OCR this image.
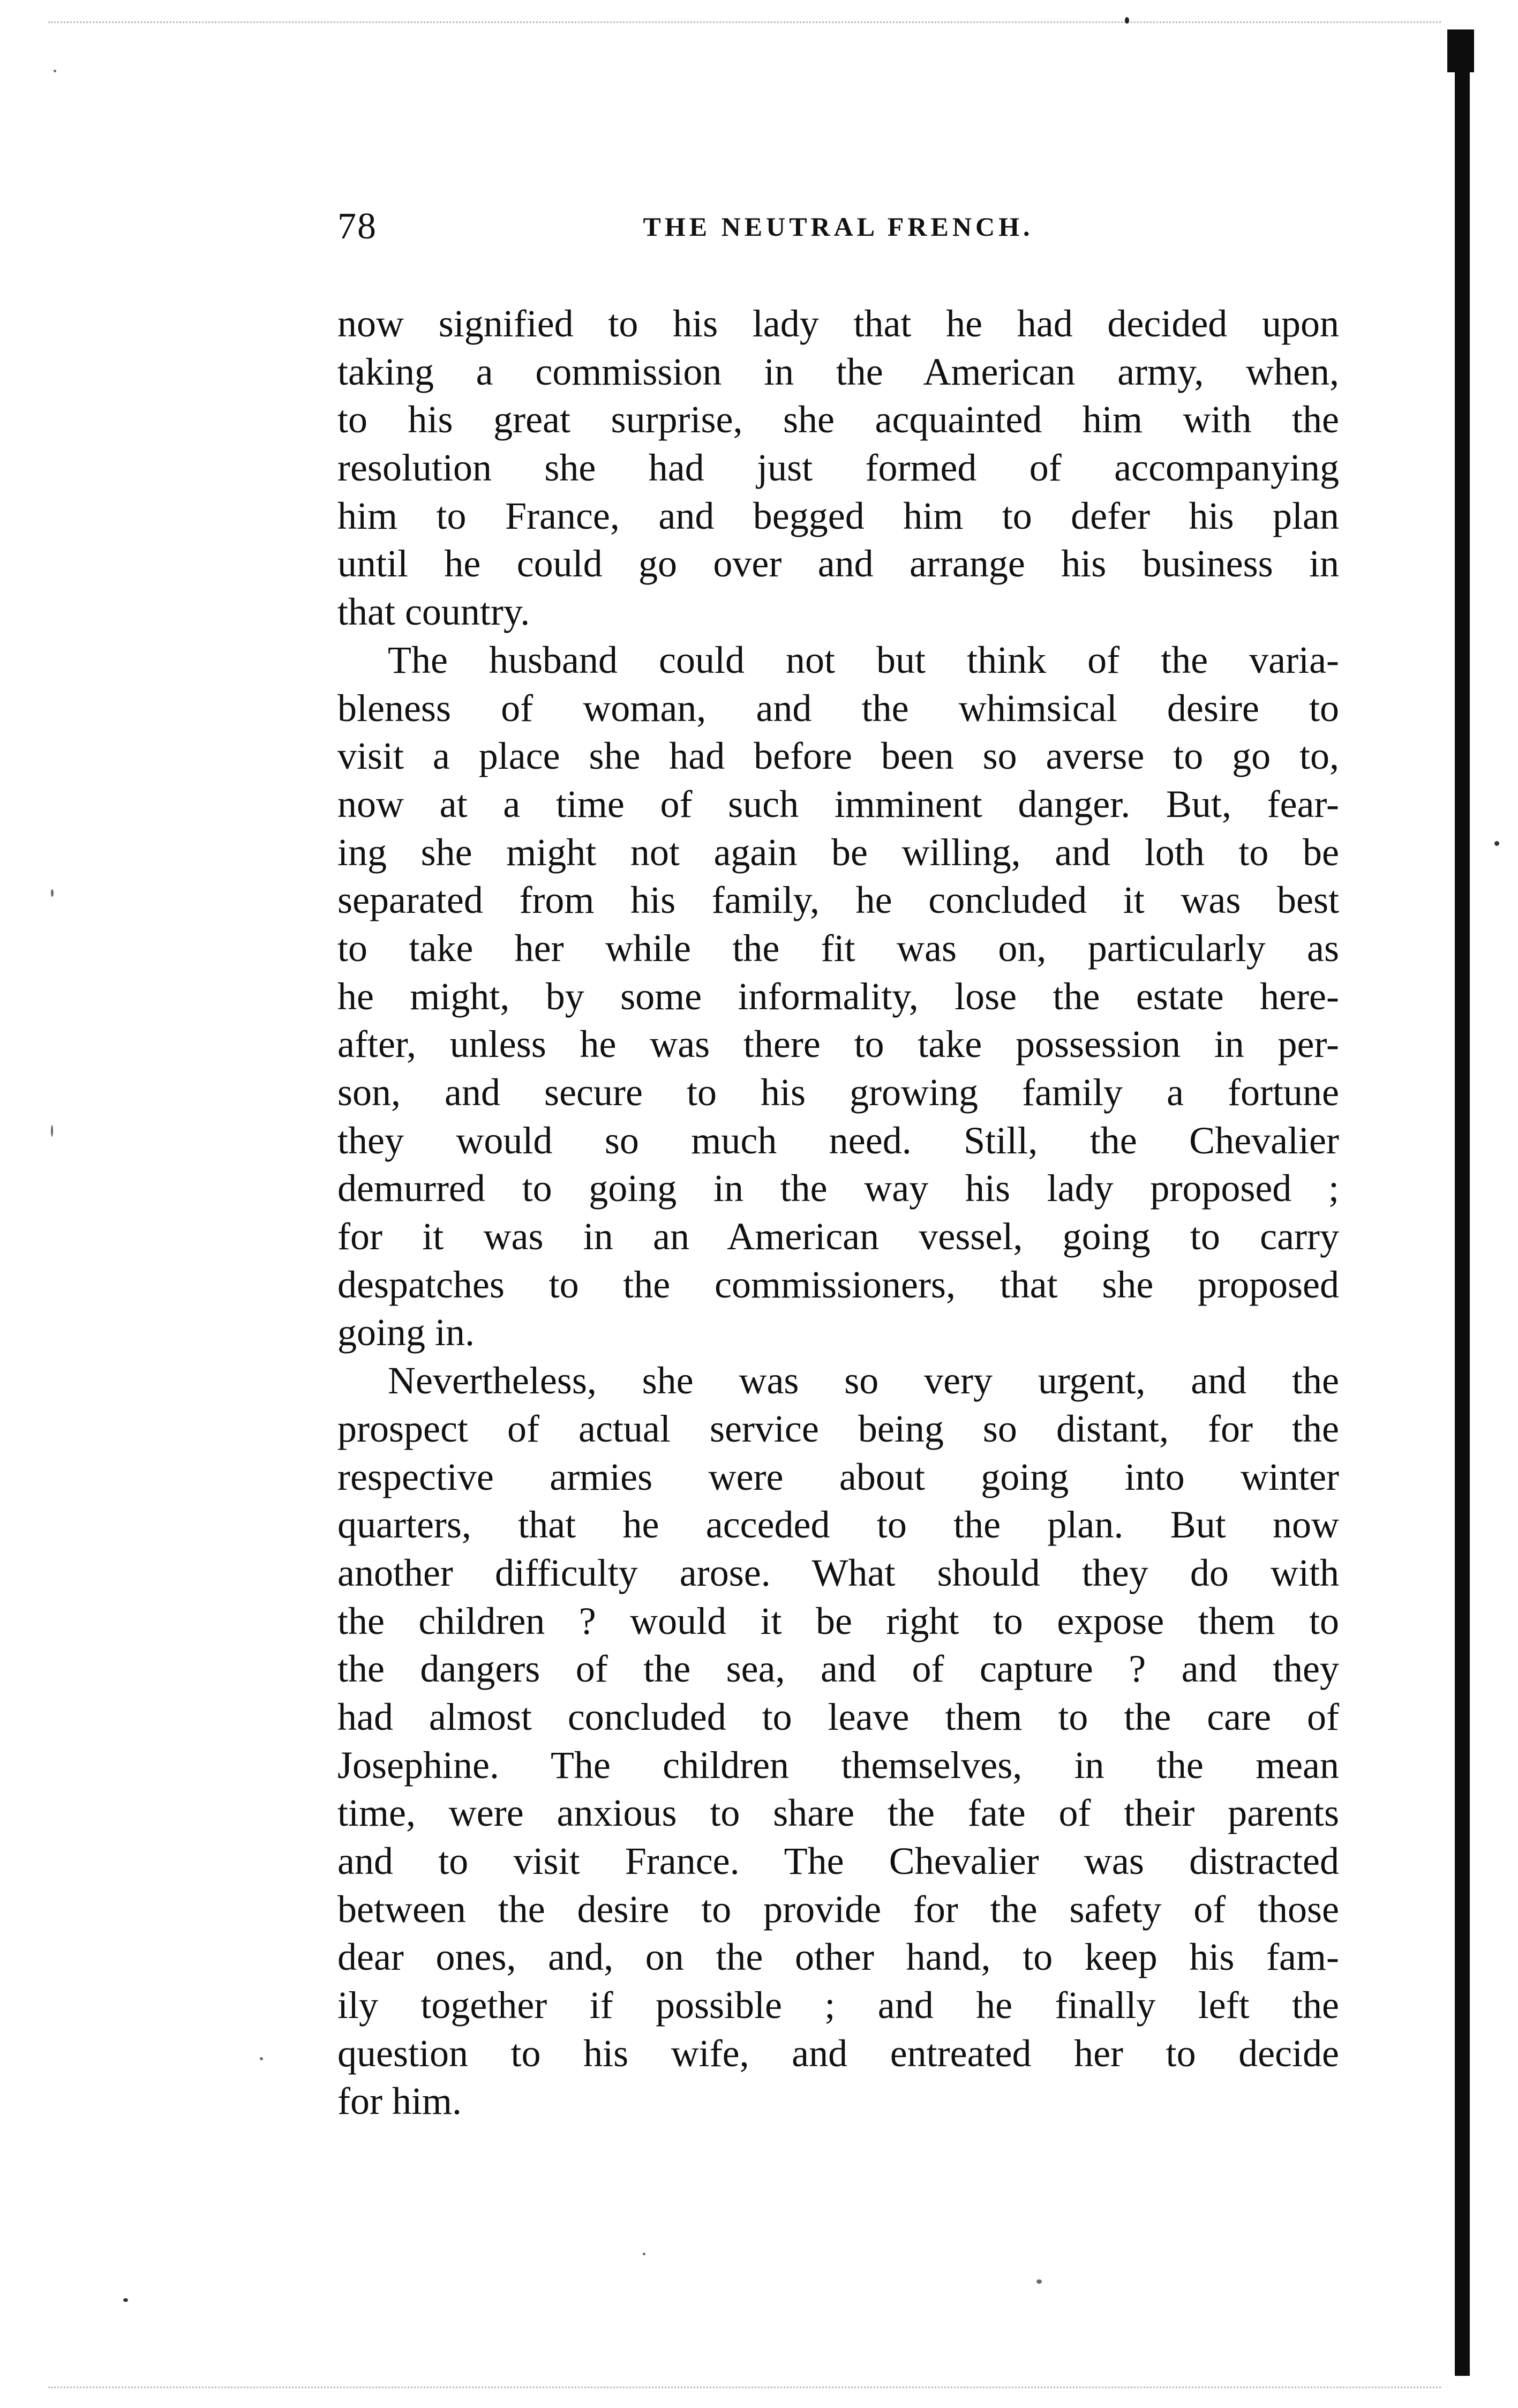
78	THE NEUTRAL FRENCH.
now signified to his lady that he had decided upon
taking a commission in the American army, when,
to his great surprise, she acquainted him with the
resolution she had just formed of accompanying
him to France, and begged him to defer his plan
until he could go over and arrange his business in
that country.
The husband could not but think of the varia-
bleness of woman, and the whimsical desire to
visit a place she had before been so averse to go to,
now at a time of such imminent danger. But, fear-
ing she might not again be willing, and loth to be
separated from his family, he concluded it was best
to take her while the fit was on, particularly as
he might, by some informality, lose the estate here-
after, unless he was there to take possession in per-
son, and secure to his growing family a fortune
they would so much need. Still, the Chevalier
demurred to going in the way his lady proposed ;
for it was in an American vessel, going to carry
despatches to the commissioners, that she proposed
going in.
Nevertheless, she was so very urgent, and the
prospect of actual service being so distant, for the
respective armies were about going into winter
quarters, that he acceded to the plan. But now
another difficulty arose. What should they do with
the children ? would it be right to expose them to
the dangers of the sea, and of capture ? and they
had almost concluded to leave them to the care of
Josephine. The children themselves, in the mean
time, were anxious to share the fate of their parents
and to visit France. The Chevalier was distracted
between the desire to provide for the safety of those
dear ones, and, on the other hand, to keep his fam-
ily together if possible ; and he finally left the
question to his wife, and entreated her to decide
for him.
